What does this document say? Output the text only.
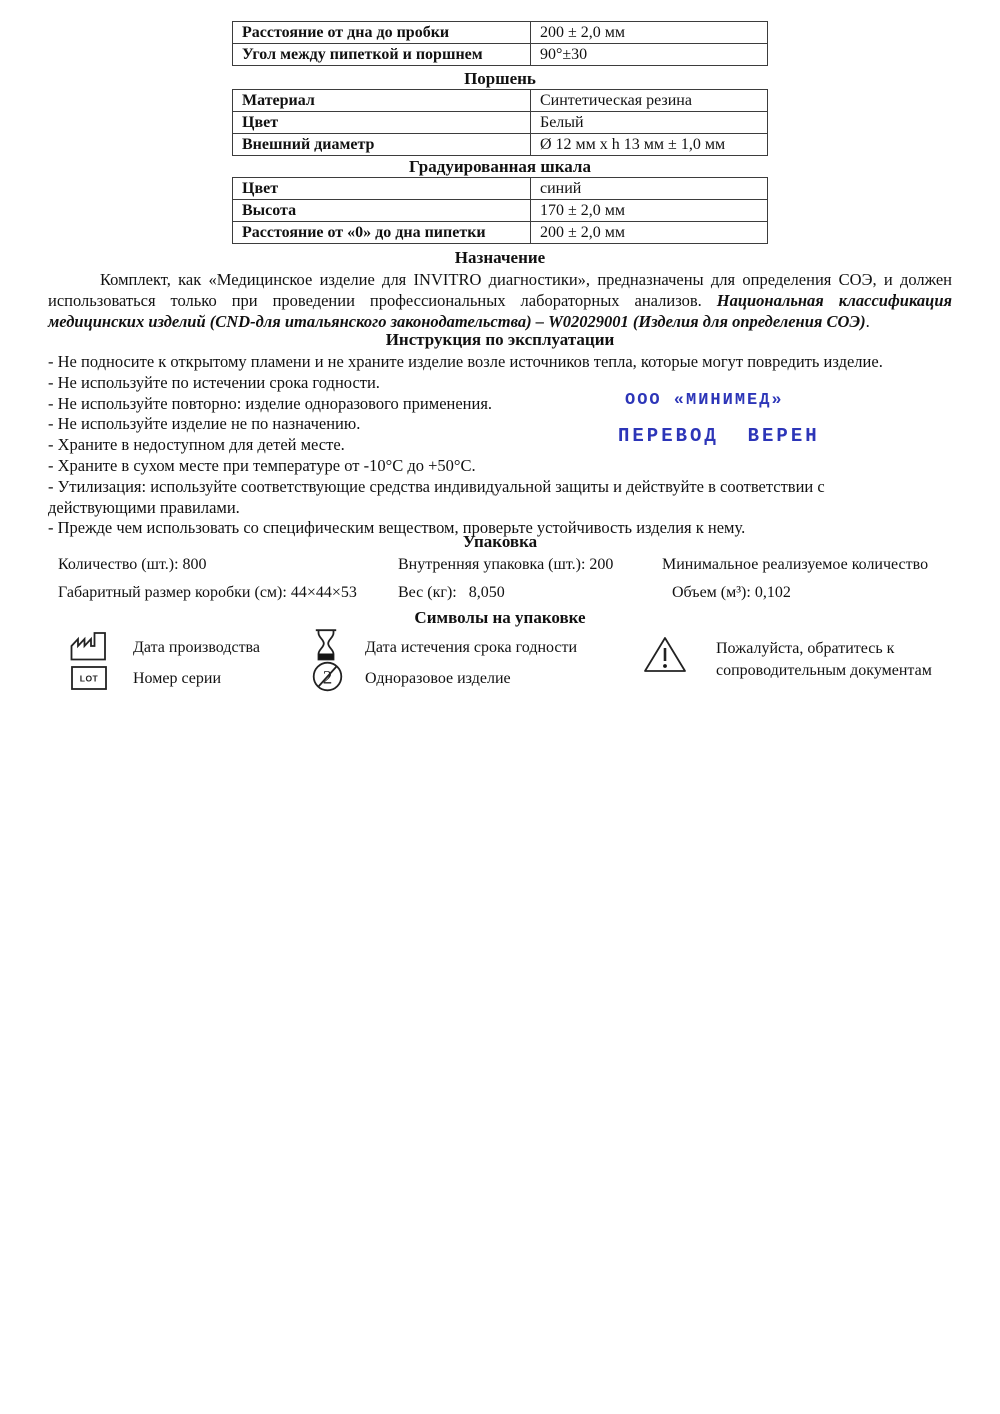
Расстояние от дна до пробки	200 ± 2,0 мм
Угол между пипеткой и поршнем	90°±30
Поршень
Материал	Синтетическая резина
Цвет	Белый
Внешний диаметр	Ø 12 мм x h 13 мм ± 1,0 мм
Градуированная шкала
Цвет	синий
Высота	170 ± 2,0 мм
Расстояние от «0» до дна пипетки	200 ± 2,0 мм
Назначение
Комплект, как «Медицинское изделие для INVITRO диагностики», предназначены для определения СОЭ, и должен использоваться только при проведении профессиональных лабораторных анализов. Национальная классификация медицинских изделий (CND-для итальянского законодательства) – W02029001 (Изделия для определения СОЭ).
Инструкция по эксплуатации
- Не подносите к открытому пламени и не храните изделие возле источников тепла, которые могут повредить изделие.
- Не используйте по истечении срока годности.
- Не используйте повторно: изделие одноразового применения.
- Не используйте изделие не по назначению.
- Храните в недоступном для детей месте.
- Храните в сухом месте при температуре от -10°C до +50°C.
- Утилизация: используйте соответствующие средства индивидуальной защиты и действуйте в соответствии с действующими правилами.
- Прежде чем использовать со специфическим веществом, проверьте устойчивость изделия к нему.
ООО «МИНИМЕД»
ПЕРЕВОД  ВЕРЕН
Упаковка
Количество (шт.): 800	Внутренняя упаковка (шт.): 200	Минимальное реализуемое количество
Габаритный размер коробки (см): 44×44×53	Вес (кг):   8,050	Объем (м³): 0,102
Символы на упаковке
Дата производства
LOT Номер серии
Дата истечения срока годности
2 Одноразовое изделие
Пожалуйста, обратитесь к сопроводительным документам
